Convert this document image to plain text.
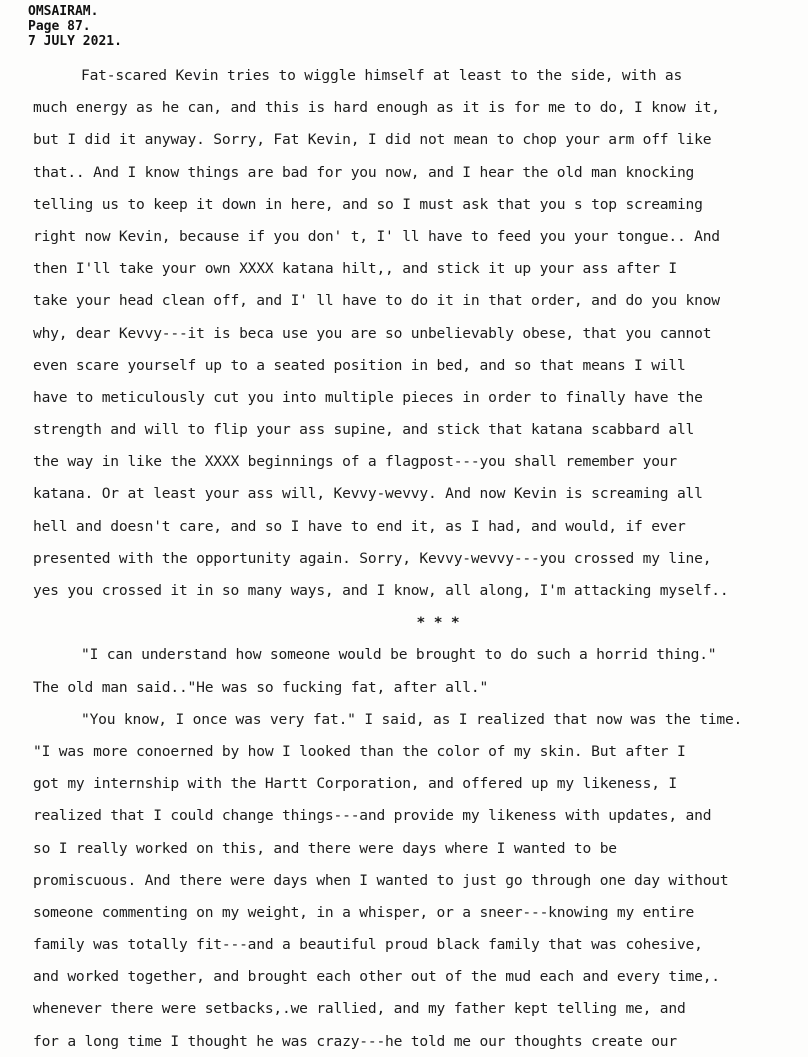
OMSAIRAM.
Page 87.
7 JULY 2021.
Fat-scared Kevin tries to wiggle himself at least to the side, with as
much energy as he can, and this is hard enough as it is for me to do, I know it,
but I did it anyway. Sorry, Fat Kevin, I did not mean to chop your arm off like
that.. And I know things are bad for you now, and I hear the old man knocking
telling us to keep it down in here, and so I must ask that you s top screaming
right now Kevin, because if you don' t, I' ll have to feed you your tongue.. And
then I'll take your own XXXX katana hilt,, and stick it up your ass after I
take your head clean off, and I' ll have to do it in that order, and do you know
why, dear Kevvy---it is beca use you are so unbelievably obese, that you cannot
even scare yourself up to a seated position in bed, and so that means I will
have to meticulously cut you into multiple pieces in order to finally have the
strength and will to flip your ass supine, and stick that katana scabbard all
the way in like the XXXX beginnings of a flagpost---you shall remember your
katana. Or at least your ass will, Kevvy-wevvy. And now Kevin is screaming all
hell and doesn't care, and so I have to end it, as I had, and would, if ever
presented with the opportunity again. Sorry, Kevvy-wevvy---you crossed my line,
yes you crossed it in so many ways, and I know, all along, I'm attacking myself..
* * *
"I can understand how someone would be brought to do such a horrid thing."
The old man said.."He was so fucking fat, after all."
"You know, I once was very fat." I said, as I realized that now was the time.
"I was more conoerned by how I looked than the color of my skin. But after I
got my internship with the Hartt Corporation, and offered up my likeness, I
realized that I could change things---and provide my likeness with updates, and
so I really worked on this, and there were days where I wanted to be
promiscuous. And there were days when I wanted to just go through one day without
someone commenting on my weight, in a whisper, or a sneer---knowing my entire
family was totally fit---and a beautiful proud black family that was cohesive,
and worked together, and brought each other out of the mud each and every time,.
whenever there were setbacks,.we rallied, and my father kept telling me, and
for a long time I thought he was crazy---he told me our thoughts create our
